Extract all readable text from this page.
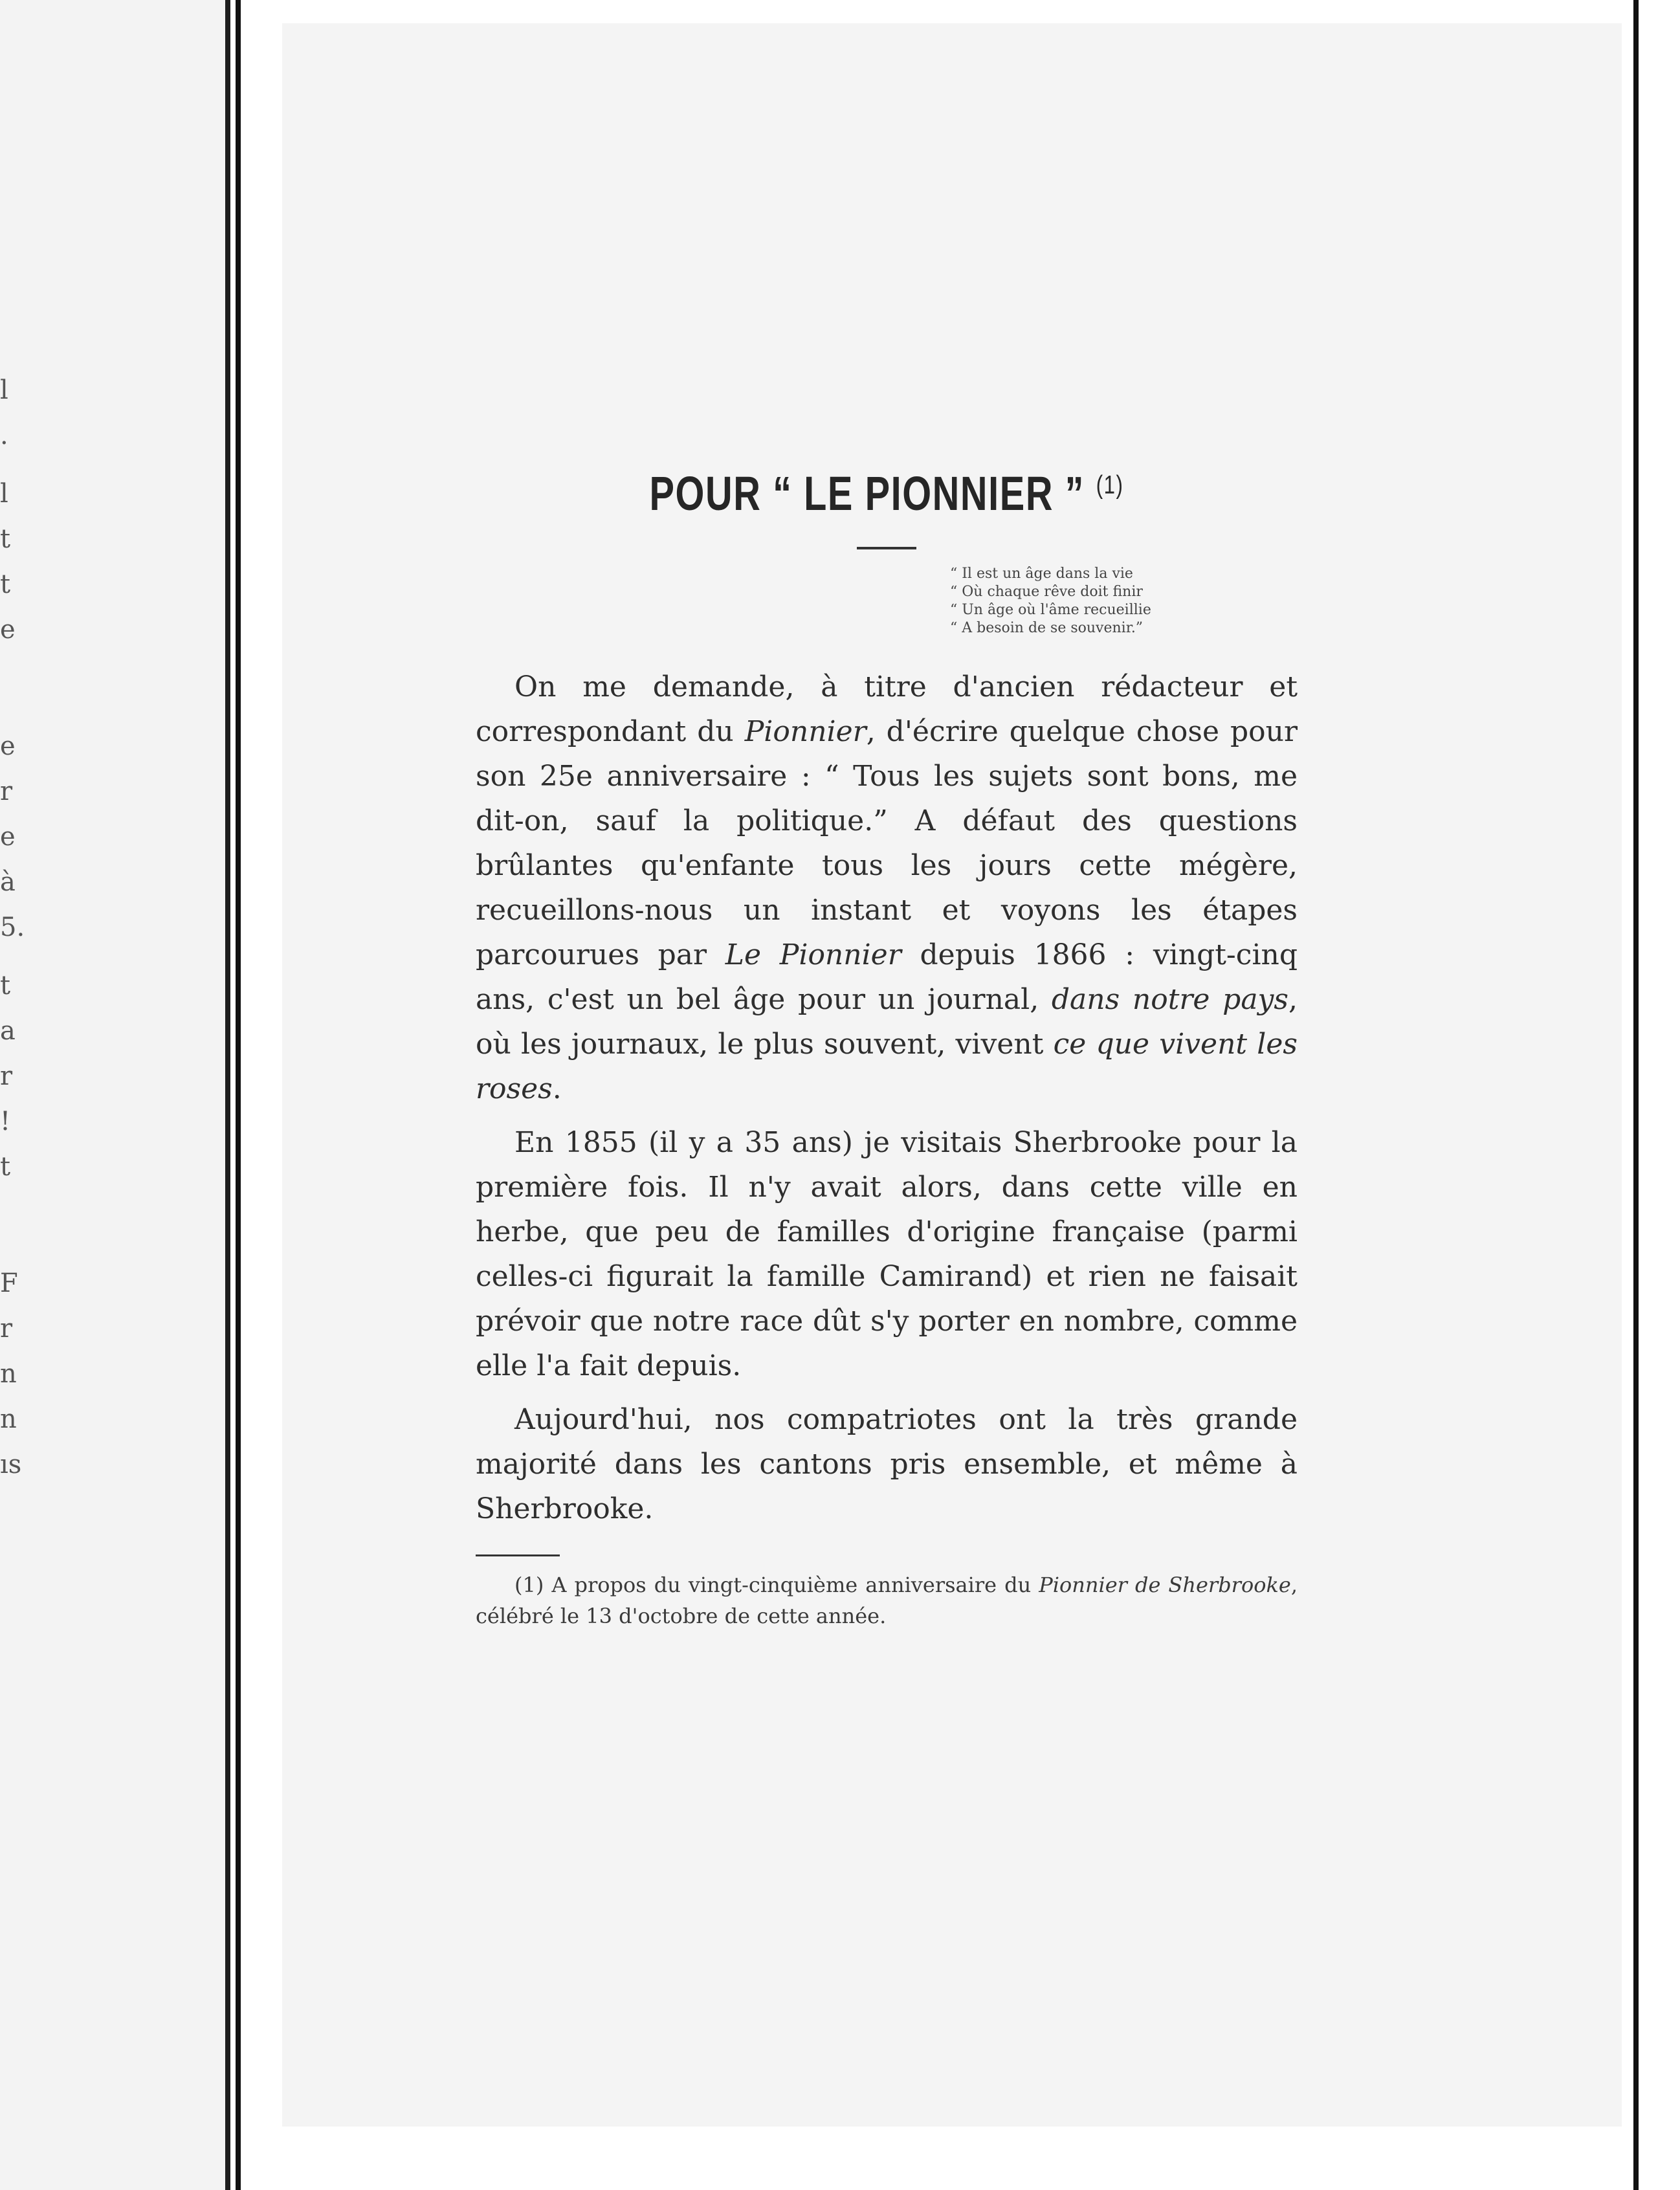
l
.
l
t
t
e
e
r
e
à
5.
t
a
r
!
t
F
r
n
n
ıs
POUR “ LE PIONNIER ” $^{(1)}$
“ Il est un âge dans la vie
“ Où chaque rêve doit finir
“ Un âge où l'âme recueillie
“ A besoin de se souvenir.”

On me demande, à titre d'ancien rédacteur et correspondant du Pionnier, d'écrire quelque chose pour son 25e anniversaire : “ Tous les sujets sont bons, me dit-on, sauf la politique.” A défaut des questions brûlantes qu'enfante tous les jours cette mégère, recueillons-nous un instant et voyons les étapes parcourues par Le Pionnier depuis 1866 : vingt-cinq ans, c'est un bel âge pour un journal, dans notre pays, où les journaux, le plus souvent, vivent ce que vivent les roses.

En 1855 (il y a 35 ans) je visitais Sherbrooke pour la première fois. Il n'y avait alors, dans cette ville en herbe, que peu de familles d'origine française (parmi celles-ci figurait la famille Camirand) et rien ne faisait prévoir que notre race dût s'y porter en nombre, comme elle l'a fait depuis.

Aujourd'hui, nos compatriotes ont la très grande majorité dans les cantons pris ensemble, et même à Sherbrooke.

(1) A propos du vingt-cinquième anniversaire du Pionnier de Sherbrooke, célébré le 13 d'octobre de cette année.
